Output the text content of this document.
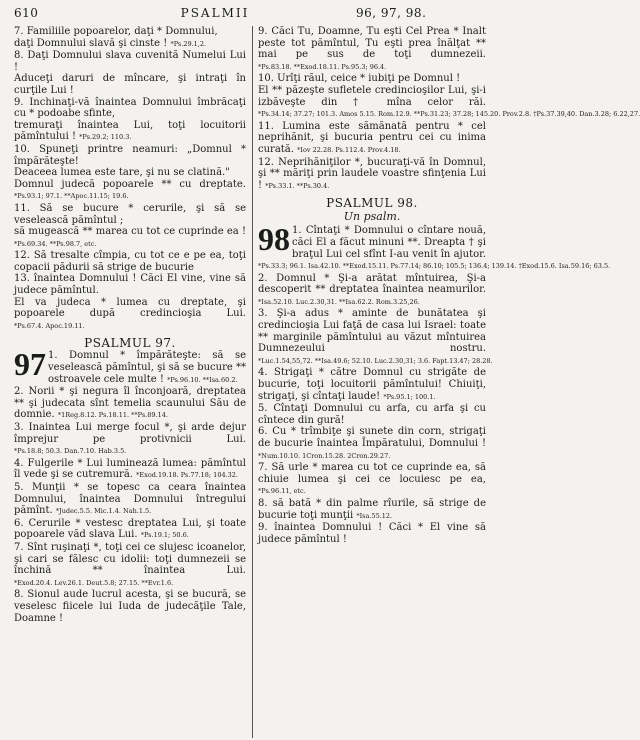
610	PSALMII	96, 97, 98.
7. Familiile popoarelor, daţi * Domnului,
daţi Domnului slavă şi cinste ! *Ps.29.1,2.
8. Daţi Domnului slava cuvenită Numelui Lui !
Aduceţi daruri de mîncare, şi intraţi în curţile Lui !
9. Inchinaţi-vă înaintea Domnului îmbrăcaţi cu * podoabe sfinte,
tremuraţi înaintea Lui, toţi locuitorii pămîntului ! *Ps.29.2; 110.3.
10. Spuneţi printre neamuri: „Domnul * împărăteşte!
Deaceea lumea este tare, şi nu se clatină."
Domnul judecă popoarele ** cu dreptate. *Ps.93.1; 97.1. **Apoc.11.15; 19.6.
11. Să se bucure * cerurile, şi să se veselească pămîntul ;
să mugească ** marea cu tot ce cuprinde ea ! *Ps.69.34. **Ps.98.7, etc.
12. Să tresalte cîmpia, cu tot ce e pe ea, toţi copacii pădurii să strige de bucurie
13. înaintea Domnului ! Căci El vine, vine să judece pămîntul.
El va judeca * lumea cu dreptate, şi popoarele după credincioşia Lui. *Ps.67.4. Apoc.19.11.
PSALMUL 97.
97 1. Domnul * împărăteşte: să se veselească pămîntul, şi să se bucure ** ostroavele cele multe ! *Ps.96.10. **Isa.60.2.
2. Norii * şi negura îl înconjoară, dreptatea ** şi judecata sînt temelia scaunului Său de domnie. *1Reg.8.12. Ps.18.11. **Ps.89.14.
3. Inaintea Lui merge focul *, şi arde dejur împrejur pe protivnicii Lui. *Ps.18.8; 50.3. Dan.7.10. Hab.3.5.
4. Fulgerile * Lui luminează lumea: pămîntul îl vede şi se cutremură. *Exod.19.18. Ps.77.18; 104.32.
5. Munţii * se topesc ca ceara înaintea Domnului, înaintea Domnului întregului pămînt. *Judec.5.5. Mic.1.4. Nah.1.5.
6. Cerurile * vestesc dreptatea Lui, şi toate popoarele văd slava Lui. *Ps.19.1; 50.6.
7. Sînt ruşinaţi *, toţi cei ce slujesc icoanelor, şi cari se fălesc cu idolii: toţi dumnezeii se închină ** înaintea Lui. *Exod.20.4. Lev.26.1. Deut.5.8; 27.15. **Evr.1.6.
8. Sionul aude lucrul acesta, şi se bucură, se veselesc fiicele lui Iuda de judecăţile Tale, Doamne !
9. Căci Tu, Doamne, Tu eşti Cel Prea * Inalt peste tot pămîntul, Tu eşti prea înălţat ** mai pe sus de toţi dumnezeii. *Ps.83.18. **Exod.18.11. Ps.95.3; 96.4.
10. Urîţi răul, ceice * iubiţi pe Domnul !
El ** păzeşte sufletele credincioşilor Lui, şi-i izbăveşte din † mîna celor răi. *Ps.34.14; 37.27; 101.3. Amos 5.15. Rom.12.9. **Ps.31.23; 37.28; 145.20. Prov.2.8. †Ps.37.39,40. Dan.3.28; 6.22,27.
11. Lumina este sămănată pentru * cel neprihănit, şi bucuria pentru cei cu inima curată. *Iov 22.28. Ps.112.4. Prov.4.18.
12. Neprihăniţilor *, bucuraţi-vă în Domnul, şi ** măriţi prin laudele voastre sfinţenia Lui ! *Ps.33.1. **Ps.30.4.
PSALMUL 98.
Un psalm.
98 1. Cîntaţi * Domnului o cîntare nouă, căci El a făcut minuni **. Dreapta † şi braţul Lui cel sfînt I-au venit în ajutor. *Ps.33.3; 96.1. Isa.42.10. **Exod.15.11. Ps.77.14; 86.10; 105.5; 136.4; 139.14. †Exod.15.6. Isa.59.16; 63.5.
2. Domnul * Şi-a arătat mîntuirea, Şi-a descoperit ** dreptatea înaintea neamurilor. *Isa.52.10. Luc.2.30,31. **Isa.62.2. Rom.3.25,26.
3. Şi-a adus * aminte de bunătatea şi credincioşia Lui faţă de casa lui Israel: toate ** marginile pămîntului au văzut mîntuirea Dumnezeului nostru. *Luc.1.54,55,72. **Isa.49.6; 52.10. Luc.2.30,31; 3.6. Fapt.13.47; 28.28.
4. Strigaţi * către Domnul cu strigăte de bucurie, toţi locuitorii pămîntului! Chiuiţi, strigaţi, şi cîntaţi laude! *Ps.95.1; 100.1.
5. Cîntaţi Domnului cu arfa, cu arfa şi cu cîntece din gură!
6. Cu * trîmbiţe şi sunete din corn, strigaţi de bucurie înaintea Împăratului, Domnului ! *Num.10.10. 1Cron.15.28. 2Cron.29.27.
7. Să urle * marea cu tot ce cuprinde ea, să chiuie lumea şi cei ce locuiesc pe ea, *Ps.96.11, etc.
8. să bată * din palme rîurile, să strige de bucurie toţi munţii *Isa.55.12.
9. înaintea Domnului ! Căci * El vine să judece pămîntul !
